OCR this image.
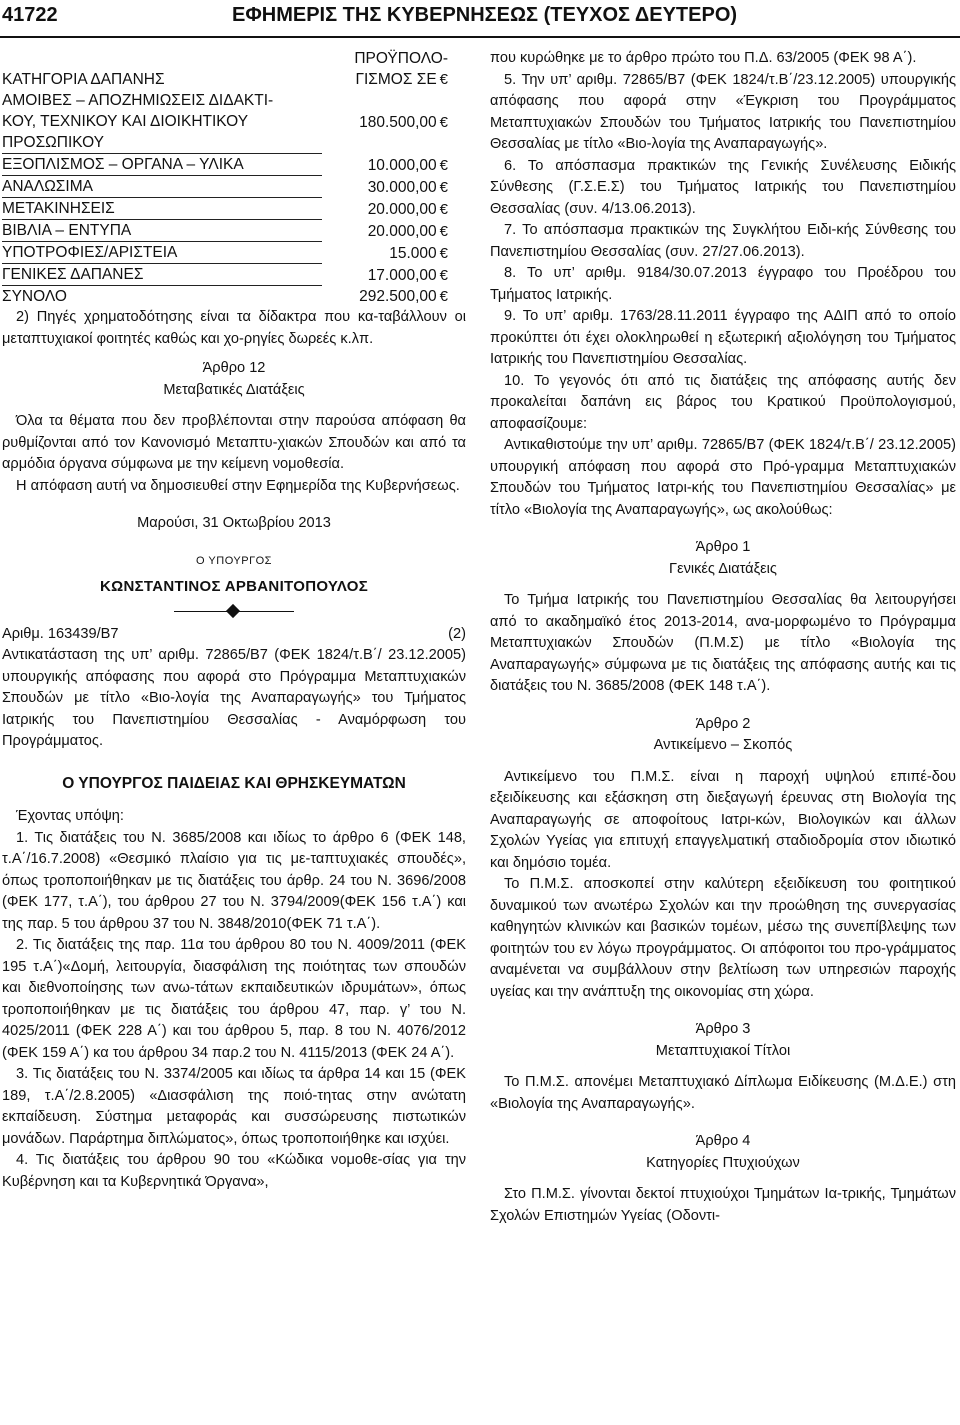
41722	ΕΦΗΜΕΡΙΣ ΤΗΣ ΚΥΒΕΡΝΗΣΕΩΣ (ΤΕΥΧΟΣ ΔΕΥΤΕΡΟ)
ΚΑΤΗΓΟΡΙΑ ΔΑΠΑΝΗΣ	ΠΡΟΫΠΟΛΟ-
ΓΙΣΜΟΣ ΣΕ €
ΑΜΟΙΒΕΣ – ΑΠΟΖΗΜΙΩΣΕΙΣ ΔΙΔΑΚΤΙ-
ΚΟΥ, ΤΕΧΝΙΚΟΥ ΚΑΙ ΔΙΟΙΚΗΤΙΚΟΥ
ΠΡΟΣΩΠΙΚΟΥ	180.500,00 €
ΕΞΟΠΛΙΣΜΟΣ – ΟΡΓΑΝΑ – ΥΛΙΚΑ	10.000,00 €
ΑΝΑΛΩΣΙΜΑ	30.000,00 €
ΜΕΤΑΚΙΝΗΣΕΙΣ	20.000,00 €
ΒΙΒΛΙΑ – ΕΝΤΥΠΑ	20.000,00 €
ΥΠΟΤΡΟΦΙΕΣ/ΑΡΙΣΤΕΙΑ	15.000 €
ΓΕΝΙΚΕΣ ΔΑΠΑΝΕΣ	17.000,00 €
ΣΥΝΟΛΟ	292.500,00 €

2) Πηγές χρηματοδότησης είναι τα δίδακτρα που κα-ταβάλλουν οι μεταπτυχιακοί φοιτητές καθώς και χο-ρηγίες δωρεές κ.λπ.

Άρθρο 12

Μεταβατικές Διατάξεις

Όλα τα θέματα που δεν προβλέπονται στην παρούσα απόφαση θα ρυθμίζονται από τον Κανονισμό Μεταπτυ-χιακών Σπουδών και από τα αρμόδια όργανα σύμφωνα με την κείμενη νομοθεσία.

Η απόφαση αυτή να δημοσιευθεί στην Εφημερίδα της Κυβερνήσεως.

Μαρούσι, 31 Οκτωβρίου 2013

Ο ΥΠΟΥΡΓΟΣ

ΚΩΝΣΤΑΝΤΙΝΟΣ ΑΡΒΑΝΙΤΟΠΟΥΛΟΣ

Αριθμ. 163439/Β7	(2)

Αντικατάσταση της υπ’ αριθμ. 72865/Β7 (ΦΕΚ 1824/τ.Β΄/ 23.12.2005) υπουργικής απόφασης που αφορά στο Πρόγραμμα Μεταπτυχιακών Σπουδών με τίτλο «Βιο-λογία της Αναπαραγωγής» του Τμήματος Ιατρικής του Πανεπιστημίου Θεσσαλίας - Αναμόρφωση του Προγράμματος.

Ο ΥΠΟΥΡΓΟΣ ΠΑΙΔΕΙΑΣ ΚΑΙ ΘΡΗΣΚΕΥΜΑΤΩΝ

Έχοντας υπόψη:

1. Τις διατάξεις του Ν. 3685/2008 και ιδίως το άρθρο 6 (ΦΕΚ 148, τ.Α΄/16.7.2008) «Θεσμικό πλαίσιο για τις με-ταπτυχιακές σπουδές», όπως τροποποιήθηκαν με τις διατάξεις του άρθρ. 24 του Ν. 3696/2008 (ΦΕΚ 177, τ.Α΄), του άρθρου 27 του Ν. 3794/2009(ΦΕΚ 156 τ.Α΄) και της παρ. 5 του άρθρου 37 του Ν. 3848/2010(ΦΕΚ 71 τ.Α΄).

2. Τις διατάξεις της παρ. 11α του άρθρου 80 του Ν. 4009/2011 (ΦΕΚ 195 τ.Α΄)«Δομή, λειτουργία, διασφάλιση της ποιότητας των σπουδών και διεθνοποίησης των ανω-τάτων εκπαιδευτικών ιδρυμάτων», όπως τροποποιήθηκαν με τις διατάξεις του άρθρου 47, παρ. γ’ του Ν. 4025/2011 (ΦΕΚ 228 Α΄) και του άρθρου 5, παρ. 8 του Ν. 4076/2012 (ΦΕΚ 159 Α΄) κα του άρθρου 34 παρ.2 του Ν. 4115/2013 (ΦΕΚ 24 Α΄).

3. Τις διατάξεις του Ν. 3374/2005 και ιδίως τα άρθρα 14 και 15 (ΦΕΚ 189, τ.Α΄/2.8.2005) «Διασφάλιση της ποιό-τητας στην ανώτατη εκπαίδευση. Σύστημα μεταφοράς και συσσώρευσης πιστωτικών μονάδων. Παράρτημα διπλώματος», όπως τροποποιήθηκε και ισχύει.

4. Τις διατάξεις του άρθρου 90 του «Κώδικα νομοθε-σίας για την Κυβέρνηση και τα Κυβερνητικά Όργανα»,

που κυρώθηκε με το άρθρο πρώτο του Π.Δ. 63/2005 (ΦΕΚ 98 Α΄).

5. Την υπ’ αριθμ. 72865/Β7 (ΦΕΚ 1824/τ.Β΄/23.12.2005) υπουργικής απόφασης που αφορά στην «Έγκριση του Προγράμματος Μεταπτυχιακών Σπουδών του Τμήματος Ιατρικής του Πανεπιστημίου Θεσσαλίας με τίτλο «Βιο-λογία της Αναπαραγωγής».

6. Το απόσπασμα πρακτικών της Γενικής Συνέλευσης Ειδικής Σύνθεσης (Γ.Σ.Ε.Σ) του Τμήματος Ιατρικής του Πανεπιστημίου Θεσσαλίας (συν. 4/13.06.2013).

7. Το απόσπασμα πρακτικών της Συγκλήτου Ειδι-κής Σύνθεσης του Πανεπιστημίου Θεσσαλίας (συν. 27/27.06.2013).

8. Το υπ’ αριθμ. 9184/30.07.2013 έγγραφο του Προέδρου του Τμήματος Ιατρικής.

9. Το υπ’ αριθμ. 1763/28.11.2011 έγγραφο της ΑΔΙΠ από το οποίο προκύπτει ότι έχει ολοκληρωθεί η εξωτερική αξιολόγηση του Τμήματος Ιατρικής του Πανεπιστημίου Θεσσαλίας.

10. Το γεγονός ότι από τις διατάξεις της απόφασης αυτής δεν προκαλείται δαπάνη εις βάρος του Κρατικού Προϋπολογισμού, αποφασίζουμε:

Αντικαθιστούμε την υπ’ αριθμ. 72865/Β7 (ΦΕΚ 1824/τ.Β΄/ 23.12.2005) υπουργική απόφαση που αφορά στο Πρό-γραμμα Μεταπτυχιακών Σπουδών του Τμήματος Ιατρι-κής του Πανεπιστημίου Θεσσαλίας» με τίτλο «Βιολογία της Αναπαραγωγής», ως ακολούθως:

Άρθρο 1

Γενικές Διατάξεις

Το Τμήμα Ιατρικής του Πανεπιστημίου Θεσσαλίας θα λειτουργήσει από το ακαδημαϊκό έτος 2013-2014, ανα-μορφωμένο το Πρόγραμμα Μεταπτυχιακών Σπουδών (Π.Μ.Σ) με τίτλο «Βιολογία της Αναπαραγωγής» σύμφωνα με τις διατάξεις της απόφασης αυτής και τις διατάξεις του Ν. 3685/2008 (ΦΕΚ 148 τ.Α΄).

Άρθρο 2

Αντικείμενο – Σκοπός

Αντικείμενο του Π.Μ.Σ. είναι η παροχή υψηλού επιπέ-δου εξειδίκευσης και εξάσκηση στη διεξαγωγή έρευνας στη Βιολογία της Αναπαραγωγής σε αποφοίτους Ιατρι-κών, Βιολογικών και άλλων Σχολών Υγείας για επιτυχή επαγγελματική σταδιοδρομία στον ιδιωτικό και δημόσιο τομέα.

Το Π.Μ.Σ. αποσκοπεί στην καλύτερη εξειδίκευση του φοιτητικού δυναμικού των ανωτέρω Σχολών και την προώθηση της συνεργασίας καθηγητών κλινικών και βασικών τομέων, μέσω της συνεπίβλεψης των φοιτητών του εν λόγω προγράμματος. Οι απόφοιτοι του προ-γράμματος αναμένεται να συμβάλλουν στην βελτίωση των υπηρεσιών παροχής υγείας και την ανάπτυξη της οικονομίας στη χώρα.

Άρθρο 3

Μεταπτυχιακοί Τίτλοι

Το Π.Μ.Σ. απονέμει Μεταπτυχιακό Δίπλωμα Ειδίκευσης (Μ.Δ.Ε.) στη «Βιολογία της Αναπαραγωγής».

Άρθρο 4

Κατηγορίες Πτυχιούχων

Στο Π.Μ.Σ. γίνονται δεκτοί πτυχιούχοι Τμημάτων Ια-τρικής, Τμημάτων Σχολών Επιστημών Υγείας (Οδοντι-
